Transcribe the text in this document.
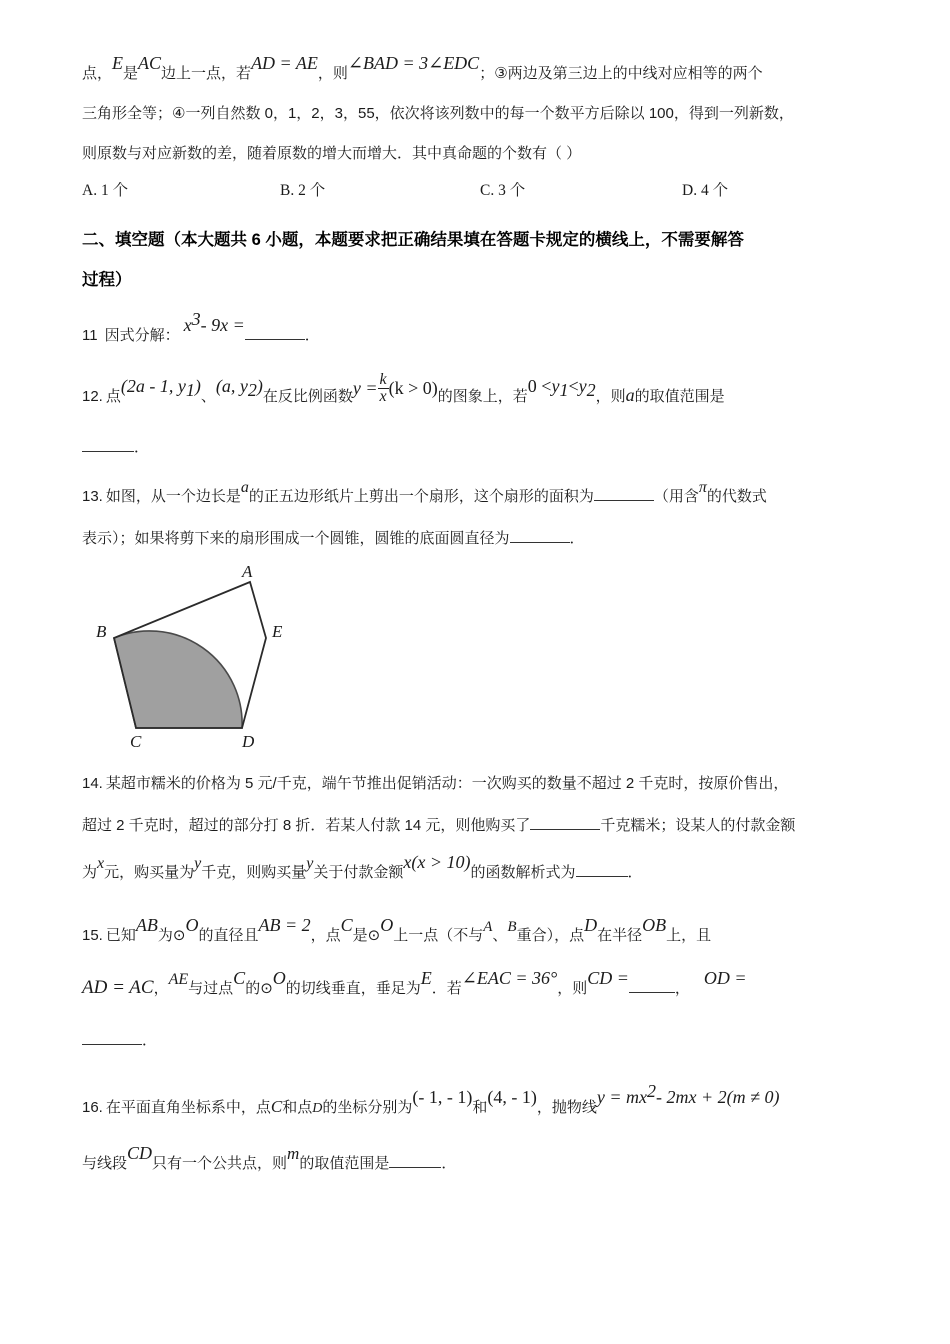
点，E是AC边上一点，若AD = AE，则∠BAD = 3∠EDC；③两边及第三边上的中线对应相等的两个
三角形全等；④一列自然数 0，1，2，3，55，依次将该列数中的每一个数平方后除以 100，得到一列新数，
则原数与对应新数的差，随着原数的增大而增大．其中真命题的个数有（ ）
A. 1 个	B. 2 个	C. 3 个	D. 4 个
二、填空题（本大题共 6 小题，本题要求把正确结果填在答题卡规定的横线上，不需要解答
过程）
11 因式分解：$x^3-$ 9x =．
12. 点(2a - 1, $y_1$)、(a, $y_2$)在反比例函数$y = \frac{k}{x} (k > 0)$的图象上，若$0 <y_1<y_2$，则a的取值范围是
．
13. 如图，从一个边长是a的正五边形纸片上剪出一个扇形，这个扇形的面积为	（用含π的代数式
表示）；如果将剪下来的扇形围成一个圆锥，圆锥的底面圆直径为	．
A
B
C	D
E
14. 某超市糯米的价格为 5 元/千克，端午节推出促销活动：一次购买的数量不超过 2 千克时，按原价售出，
超过 2 千克时，超过的部分打 8 折．若某人付款 14 元，则他购买了	千克糯米；设某人的付款金额
为x元，购买量为y千克，则购买量y关于付款金额x(x > 10)的函数解析式为	．
15. 已知AB为⊙O的直径且AB = 2，点C是⊙O上一点（不与A、B重合），点D在半径OB上，且
AD = AC，AE与过点C的⊙O的切线垂直，垂足为E．若∠EAC = 36°，则CD =，OD =
．
16. 在平面直角坐标系中，点C和点D的坐标分别为(- 1, - 1)和(4, - 1)，抛物线$y = mx^2-$ 2mx + 2(m ≠ 0)
与线段CD只有一个公共点，则m的取值范围是	．
